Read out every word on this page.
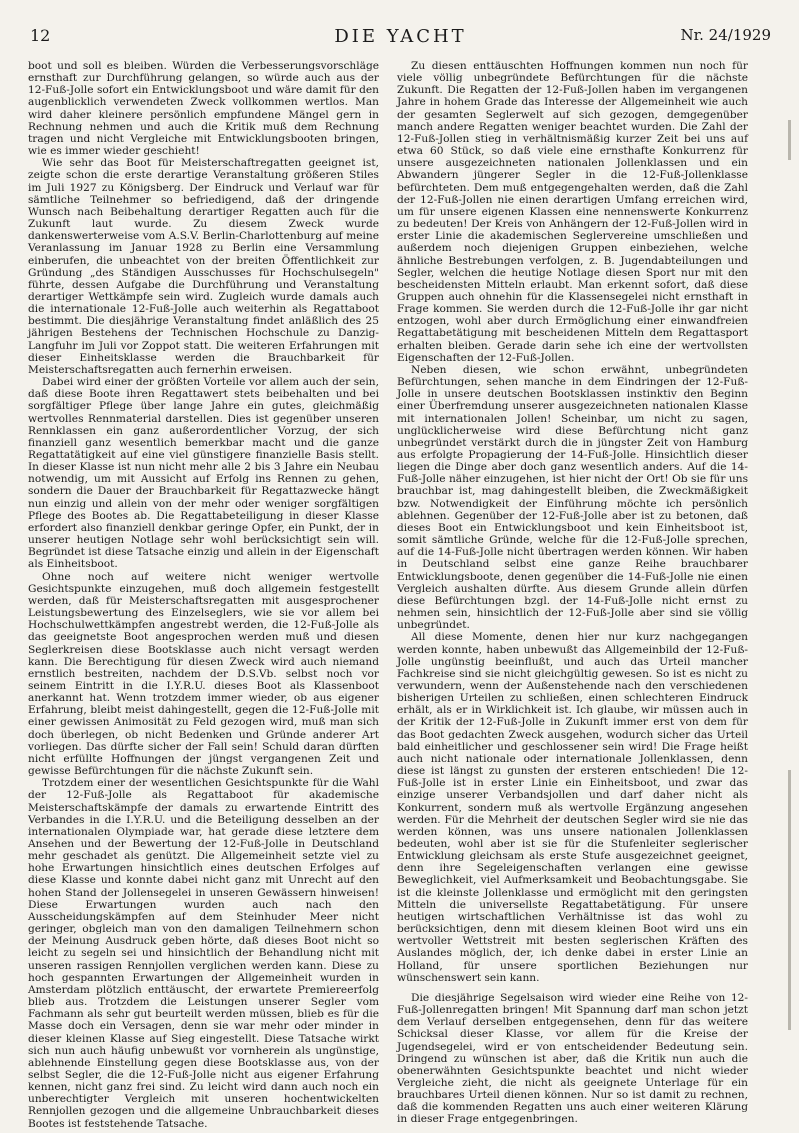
12	DIE YACHT	Nr. 24/1929

boot und soll es bleiben. Würden die Verbesserungsvorschläge ernsthaft zur Durchführung gelangen, so würde auch aus der 12-Fuß-Jolle sofort ein Entwicklungsboot und wäre damit für den augenblicklich verwendeten Zweck vollkommen wertlos. Man wird daher kleinere persönlich empfundene Mängel gern in Rechnung nehmen und auch die Kritik muß dem Rechnung tragen und nicht Vergleiche mit Entwicklungsbooten bringen, wie es immer wieder geschieht!

Wie sehr das Boot für Meisterschaftregatten geeignet ist, zeigte schon die erste derartige Veranstaltung größeren Stiles im Juli 1927 zu Königsberg. Der Eindruck und Verlauf war für sämtliche Teilnehmer so befriedigend, daß der dringende Wunsch nach Beibehaltung derartiger Regatten auch für die Zukunft laut wurde. Zu diesem Zweck wurde dankenswerterweise vom A.S.V. Berlin-Charlottenburg auf meine Veranlassung im Januar 1928 zu Berlin eine Versammlung einberufen, die unbeachtet von der breiten Öffentlichkeit zur Gründung „des Ständigen Ausschusses für Hochschulsegeln" führte, dessen Aufgabe die Durchführung und Veranstaltung derartiger Wettkämpfe sein wird. Zugleich wurde damals auch die internationale 12-Fuß-Jolle auch weiterhin als Regattaboot bestimmt. Die diesjährige Veranstaltung findet anläßlich des 25 jährigen Bestehens der Technischen Hochschule zu Danzig-Langfuhr im Juli vor Zoppot statt. Die weiteren Erfahrungen mit dieser Einheitsklasse werden die Brauchbarkeit für Meisterschaftsregatten auch fernerhin erweisen.

Dabei wird einer der größten Vorteile vor allem auch der sein, daß diese Boote ihren Regattawert stets beibehalten und bei sorgfältiger Pflege über lange Jahre ein gutes, gleichmäßig wertvolles Rennmaterial darstellen. Dies ist gegenüber unseren Rennklassen ein ganz außerordentlicher Vorzug, der sich finanziell ganz wesentlich bemerkbar macht und die ganze Regattatätigkeit auf eine viel günstigere finanzielle Basis stellt. In dieser Klasse ist nun nicht mehr alle 2 bis 3 Jahre ein Neubau notwendig, um mit Aussicht auf Erfolg ins Rennen zu gehen, sondern die Dauer der Brauchbarkeit für Regattazwecke hängt nun einzig und allein von der mehr oder weniger sorgfältigen Pflege des Bootes ab. Die Regattabeteiligung in dieser Klasse erfordert also finanziell denkbar geringe Opfer, ein Punkt, der in unserer heutigen Notlage sehr wohl berücksichtigt sein will. Begründet ist diese Tatsache einzig und allein in der Eigenschaft als Einheitsboot.

Ohne noch auf weitere nicht weniger wertvolle Gesichtspunkte einzugehen, muß doch allgemein festgestellt werden, daß für Meisterschaftsregatten mit ausgesprochener Leistungsbewertung des Einzelseglers, wie sie vor allem bei Hochschulwettkämpfen angestrebt werden, die 12-Fuß-Jolle als das geeignetste Boot angesprochen werden muß und diesen Seglerkreisen diese Bootsklasse auch nicht versagt werden kann. Die Berechtigung für diesen Zweck wird auch niemand ernstlich bestreiten, nachdem der D.S.Vb. selbst noch vor seinem Eintritt in die I.Y.R.U. dieses Boot als Klassenboot anerkannt hat. Wenn trotzdem immer wieder, ob aus eigener Erfahrung, bleibt meist dahingestellt, gegen die 12-Fuß-Jolle mit einer gewissen Animosität zu Feld gezogen wird, muß man sich doch überlegen, ob nicht Bedenken und Gründe anderer Art vorliegen. Das dürfte sicher der Fall sein! Schuld daran dürften nicht erfüllte Hoffnungen der jüngst vergangenen Zeit und gewisse Befürchtungen für die nächste Zukunft sein.

Trotzdem einer der wesentlichen Gesichtspunkte für die Wahl der 12-Fuß-Jolle als Regattaboot für akademische Meisterschaftskämpfe der damals zu erwartende Eintritt des Verbandes in die I.Y.R.U. und die Beteiligung desselben an der internationalen Olympiade war, hat gerade diese letztere dem Ansehen und der Bewertung der 12-Fuß-Jolle in Deutschland mehr geschadet als genützt. Die Allgemeinheit setzte viel zu hohe Erwartungen hinsichtlich eines deutschen Erfolges auf diese Klasse und konnte dabei nicht ganz mit Unrecht auf den hohen Stand der Jollensegelei in unseren Gewässern hinweisen! Diese Erwartungen wurden auch nach den Ausscheidungskämpfen auf dem Steinhuder Meer nicht geringer, obgleich man von den damaligen Teilnehmern schon der Meinung Ausdruck geben hörte, daß dieses Boot nicht so leicht zu segeln sei und hinsichtlich der Behandlung nicht mit unseren rassigen Rennjollen verglichen werden kann. Diese zu hoch gespannten Erwartungen der Allgemeinheit wurden in Amsterdam plötzlich enttäuscht, der erwartete Premiereerfolg blieb aus. Trotzdem die Leistungen unserer Segler vom Fachmann als sehr gut beurteilt werden müssen, blieb es für die Masse doch ein Versagen, denn sie war mehr oder minder in dieser kleinen Klasse auf Sieg eingestellt. Diese Tatsache wirkt sich nun auch häufig unbewußt vor vornherein als ungünstige, ablehnende Einstellung gegen diese Bootsklasse aus, von der selbst Segler, die die 12-Fuß-Jolle nicht aus eigener Erfahrung kennen, nicht ganz frei sind. Zu leicht wird dann auch noch ein unberechtigter Vergleich mit unseren hochentwickelten Rennjollen gezogen und die allgemeine Unbrauchbarkeit dieses Bootes ist feststehende Tatsache.

Zu diesen enttäuschten Hoffnungen kommen nun noch für viele völlig unbegründete Befürchtungen für die nächste Zukunft. Die Regatten der 12-Fuß-Jollen haben im vergangenen Jahre in hohem Grade das Interesse der Allgemeinheit wie auch der gesamten Seglerwelt auf sich gezogen, demgegenüber manch andere Regatten weniger beachtet wurden. Die Zahl der 12-Fuß-Jollen stieg in verhältnismäßig kurzer Zeit bei uns auf etwa 60 Stück, so daß viele eine ernsthafte Konkurrenz für unsere ausgezeichneten nationalen Jollenklassen und ein Abwandern jüngerer Segler in die 12-Fuß-Jollenklasse befürchteten. Dem muß entgegengehalten werden, daß die Zahl der 12-Fuß-Jollen nie einen derartigen Umfang erreichen wird, um für unsere eigenen Klassen eine nennenswerte Konkurrenz zu bedeuten! Der Kreis von Anhängern der 12-Fuß-Jollen wird in erster Linie die akademischen Seglervereine umschließen und außerdem noch diejenigen Gruppen einbeziehen, welche ähnliche Bestrebungen verfolgen, z. B. Jugendabteilungen und Segler, welchen die heutige Notlage diesen Sport nur mit den bescheidensten Mitteln erlaubt. Man erkennt sofort, daß diese Gruppen auch ohnehin für die Klassensegelei nicht ernsthaft in Frage kommen. Sie werden durch die 12-Fuß-Jolle ihr gar nicht entzogen, wohl aber durch Ermöglichung einer einwandfreien Regattabetätigung mit bescheidenen Mitteln dem Regattasport erhalten bleiben. Gerade darin sehe ich eine der wertvollsten Eigenschaften der 12-Fuß-Jollen.

Neben diesen, wie schon erwähnt, unbegründeten Befürchtungen, sehen manche in dem Eindringen der 12-Fuß-Jolle in unsere deutschen Bootsklassen instinktiv den Beginn einer Überfremdung unserer ausgezeichneten nationalen Klasse mit internationalen Jollen! Scheinbar, um nicht zu sagen, unglücklicherweise wird diese Befürchtung nicht ganz unbegründet verstärkt durch die in jüngster Zeit von Hamburg aus erfolgte Propagierung der 14-Fuß-Jolle. Hinsichtlich dieser liegen die Dinge aber doch ganz wesentlich anders. Auf die 14-Fuß-Jolle näher einzugehen, ist hier nicht der Ort! Ob sie für uns brauchbar ist, mag dahingestellt bleiben, die Zweckmäßigkeit bzw. Notwendigkeit der Einführung möchte ich persönlich ablehnen. Gegenüber der 12-Fuß-Jolle aber ist zu betonen, daß dieses Boot ein Entwicklungsboot und kein Einheitsboot ist, somit sämtliche Gründe, welche für die 12-Fuß-Jolle sprechen, auf die 14-Fuß-Jolle nicht übertragen werden können. Wir haben in Deutschland selbst eine ganze Reihe brauchbarer Entwicklungsboote, denen gegenüber die 14-Fuß-Jolle nie einen Vergleich aushalten dürfte. Aus diesem Grunde allein dürfen diese Befürchtungen bzgl. der 14-Fuß-Jolle nicht ernst zu nehmen sein, hinsichtlich der 12-Fuß-Jolle aber sind sie völlig unbegründet.

All diese Momente, denen hier nur kurz nachgegangen werden konnte, haben unbewußt das Allgemeinbild der 12-Fuß-Jolle ungünstig beeinflußt, und auch das Urteil mancher Fachkreise sind sie nicht gleichgültig gewesen. So ist es nicht zu verwundern, wenn der Außenstehende nach den verschiedenen bisherigen Urteilen zu schließen, einen schlechteren Eindruck erhält, als er in Wirklichkeit ist. Ich glaube, wir müssen auch in der Kritik der 12-Fuß-Jolle in Zukunft immer erst von dem für das Boot gedachten Zweck ausgehen, wodurch sicher das Urteil bald einheitlicher und geschlossener sein wird! Die Frage heißt auch nicht nationale oder internationale Jollenklassen, denn diese ist längst zu gunsten der ersteren entschieden! Die 12-Fuß-Jolle ist in erster Linie ein Einheitsboot, und zwar das einzige unserer Verbandsjollen und darf daher nicht als Konkurrent, sondern muß als wertvolle Ergänzung angesehen werden. Für die Mehrheit der deutschen Segler wird sie nie das werden können, was uns unsere nationalen Jollenklassen bedeuten, wohl aber ist sie für die Stufenleiter seglerischer Entwicklung gleichsam als erste Stufe ausgezeichnet geeignet, denn ihre Segeleigenschaften verlangen eine gewisse Beweglichkeit, viel Aufmerksamkeit und Beobachtungsgabe. Sie ist die kleinste Jollenklasse und ermöglicht mit den geringsten Mitteln die universellste Regattabetätigung. Für unsere heutigen wirtschaftlichen Verhältnisse ist das wohl zu berücksichtigen, denn mit diesem kleinen Boot wird uns ein wertvoller Wettstreit mit besten seglerischen Kräften des Auslandes möglich, der, ich denke dabei in erster Linie an Holland, für unsere sportlichen Beziehungen nur wünschenswert sein kann.

Die diesjährige Segelsaison wird wieder eine Reihe von 12-Fuß-Jollenregatten bringen! Mit Spannung darf man schon jetzt dem Verlauf derselben entgegensehen, denn für das weitere Schicksal dieser Klasse, vor allem für die Kreise der Jugendsegelei, wird er von entscheidender Bedeutung sein. Dringend zu wünschen ist aber, daß die Kritik nun auch die obenerwähnten Gesichtspunkte beachtet und nicht wieder Vergleiche zieht, die nicht als geeignete Unterlage für ein brauchbares Urteil dienen können. Nur so ist damit zu rechnen, daß die kommenden Regatten uns auch einer weiteren Klärung in dieser Frage entgegenbringen.
